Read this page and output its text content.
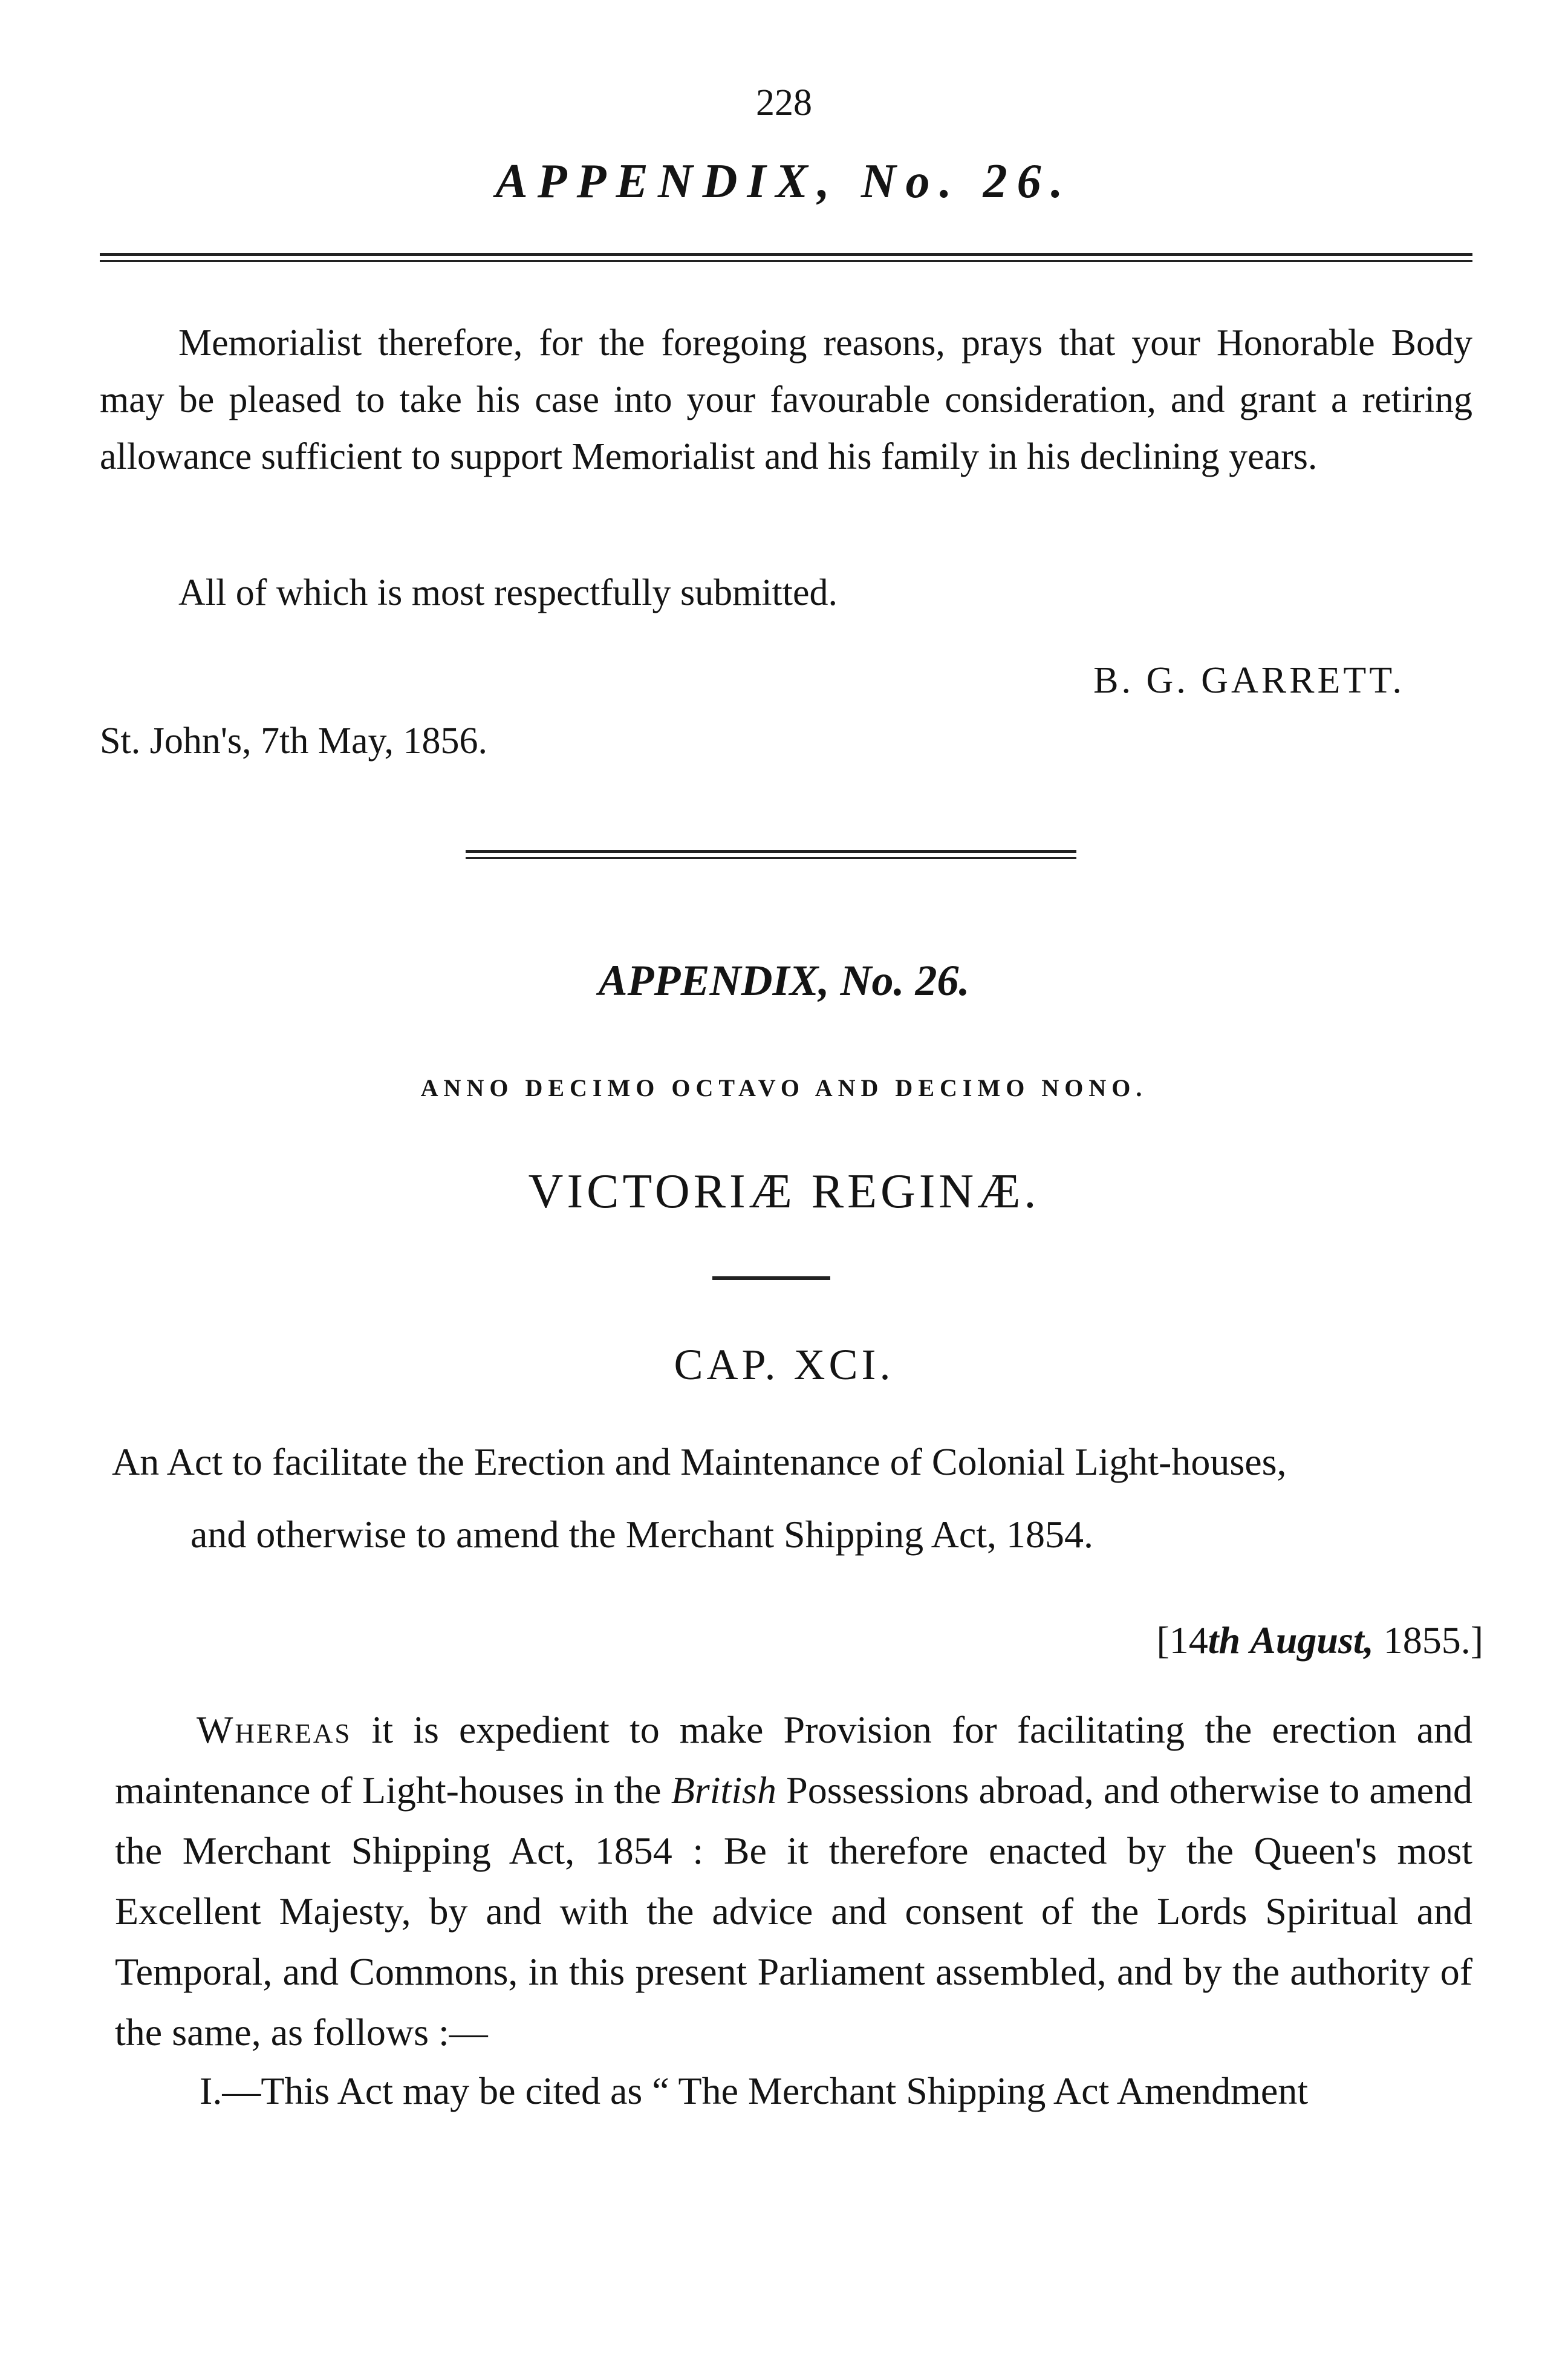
228
APPENDIX, No. 26.

Memorialist therefore, for the foregoing reasons, prays that your Honorable Body may be pleased to take his case into your favourable consideration, and grant a retiring allowance sufficient to support Memorialist and his family in his declining years.

All of which is most respectfully submitted.
B. G. GARRETT.
St. John's, 7th May, 1856.
APPENDIX, No. 26.
ANNO DECIMO OCTAVO AND DECIMO NONO.
VICTORIÆ REGINÆ.
CAP. XCI.
An Act to facilitate the Erection and Maintenance of Colonial Light-houses,
and otherwise to amend the Merchant Shipping Act, 1854.
[14th August, 1855.]

Whereas it is expedient to make Provision for facilitating the erection and maintenance of Light-houses in the British Possessions abroad, and otherwise to amend the Merchant Shipping Act, 1854 : Be it therefore enacted by the Queen's most Excellent Majesty, by and with the advice and consent of the Lords Spiritual and Temporal, and Commons, in this present Parliament assembled, and by the authority of the same, as follows :—

I.—This Act may be cited as “ The Merchant Shipping Act Amendment
